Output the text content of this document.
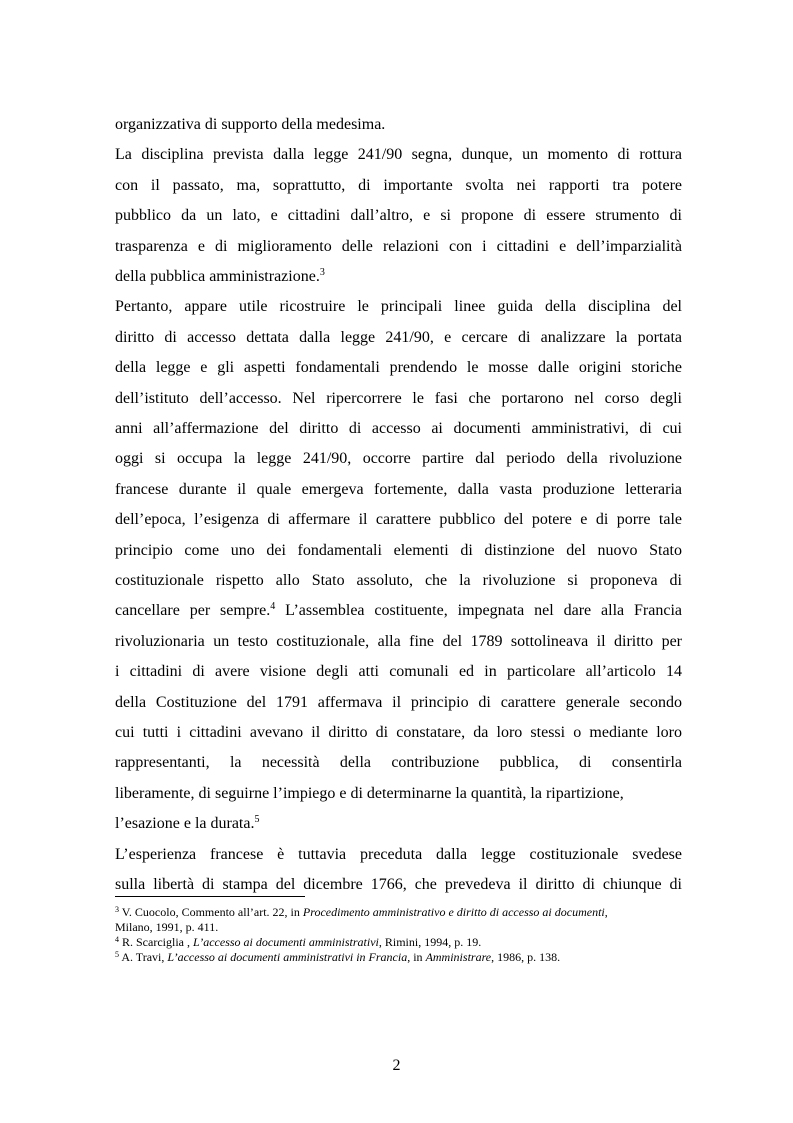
organizzativa di supporto della medesima.
La disciplina prevista dalla legge 241/90 segna, dunque, un momento di rottura
con il passato, ma, soprattutto, di importante svolta nei rapporti tra potere
pubblico da un lato, e cittadini dall’altro, e si propone di essere strumento di
trasparenza e di miglioramento delle relazioni con i cittadini e dell’imparzialità
della pubblica amministrazione.$^3$
Pertanto, appare utile ricostruire le principali linee guida della disciplina del
diritto di accesso dettata dalla legge 241/90, e cercare di analizzare la portata
della legge e gli aspetti fondamentali prendendo le mosse dalle origini storiche
dell’istituto dell’accesso. Nel ripercorrere le fasi che portarono nel corso degli
anni all’affermazione del diritto di accesso ai documenti amministrativi, di cui
oggi si occupa la legge 241/90, occorre partire dal periodo della rivoluzione
francese durante il quale emergeva fortemente, dalla vasta produzione letteraria
dell’epoca, l’esigenza di affermare il carattere pubblico del potere e di porre tale
principio come uno dei fondamentali elementi di distinzione del nuovo Stato
costituzionale rispetto allo Stato assoluto, che la rivoluzione si proponeva di
cancellare per sempre.$^4$ L’assemblea costituente, impegnata nel dare alla Francia
rivoluzionaria un testo costituzionale, alla fine del 1789 sottolineava il diritto per
i cittadini di avere visione degli atti comunali ed in particolare all’articolo 14
della Costituzione del 1791 affermava il principio di carattere generale secondo
cui tutti i cittadini avevano il diritto di constatare, da loro stessi o mediante loro
rappresentanti, la necessità della contribuzione pubblica, di consentirla
liberamente, di seguirne l’impiego e di determinarne la quantità, la ripartizione,
l’esazione e la durata.$^5$
L’esperienza francese è tuttavia preceduta dalla legge costituzionale svedese
sulla libertà di stampa del dicembre 1766, che prevedeva il diritto di chiunque di
$^3$ V. Cuocolo, Commento all’art. 22, in Procedimento amministrativo e diritto di accesso ai documenti,
Milano, 1991, p. 411.
$^4$ R. Scarciglia , L’accesso ai documenti amministrativi, Rimini, 1994, p. 19.
$^5$ A. Travi, L’accesso ai documenti amministrativi in Francia, in Amministrare, 1986, p. 138.
2
